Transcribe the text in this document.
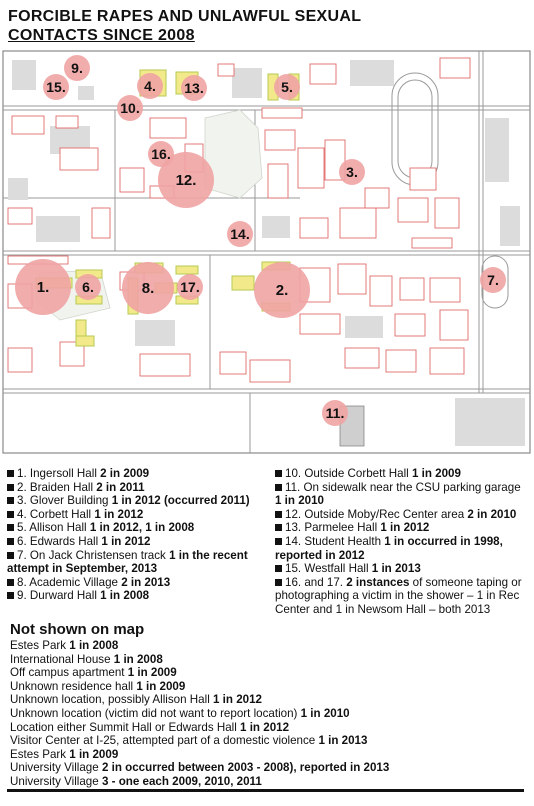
FORCIBLE RAPES AND UNLAWFUL SEXUAL
CONTACTS SINCE 2008
1.	2.
3.
4.	5.
6.	7.
8.
9.
10.
11.
12.
13.
14.
15.
16.
17.
1. Ingersoll Hall 2 in 2009
2. Braiden Hall 2 in 2011
3. Glover Building 1 in 2012 (occurred 2011)
4. Corbett Hall 1 in 2012
5. Allison Hall 1 in 2012, 1 in 2008
6. Edwards Hall 1 in 2012
7. On Jack Christensen track 1 in the recent
attempt in September, 2013
8. Academic Village 2 in 2013
9. Durward Hall 1 in 2008
10. Outside Corbett Hall 1 in 2009
11. On sidewalk near the CSU parking garage
1 in 2010
12. Outside Moby/Rec Center area 2 in 2010
13. Parmelee Hall 1 in 2012
14. Student Health 1 in occurred in 1998,
reported in 2012
15. Westfall Hall 1 in 2013
16. and 17. 2 instances of someone taping or
photographing a victim in the shower – 1 in Rec
Center and 1 in Newsom Hall – both 2013
Not shown on map
Estes Park 1 in 2008
International House 1 in 2008
Off campus apartment 1 in 2009
Unknown residence hall 1 in 2009
Unknown location, possibly Allison Hall 1 in 2012
Unknown location (victim did not want to report location) 1 in 2010
Location either Summit Hall or Edwards Hall 1 in 2012
Visitor Center at I-25, attempted part of a domestic violence 1 in 2013
Estes Park 1 in 2009
University Village 2 in occurred between 2003 - 2008), reported in 2013
University Village 3 - one each 2009, 2010, 2011
